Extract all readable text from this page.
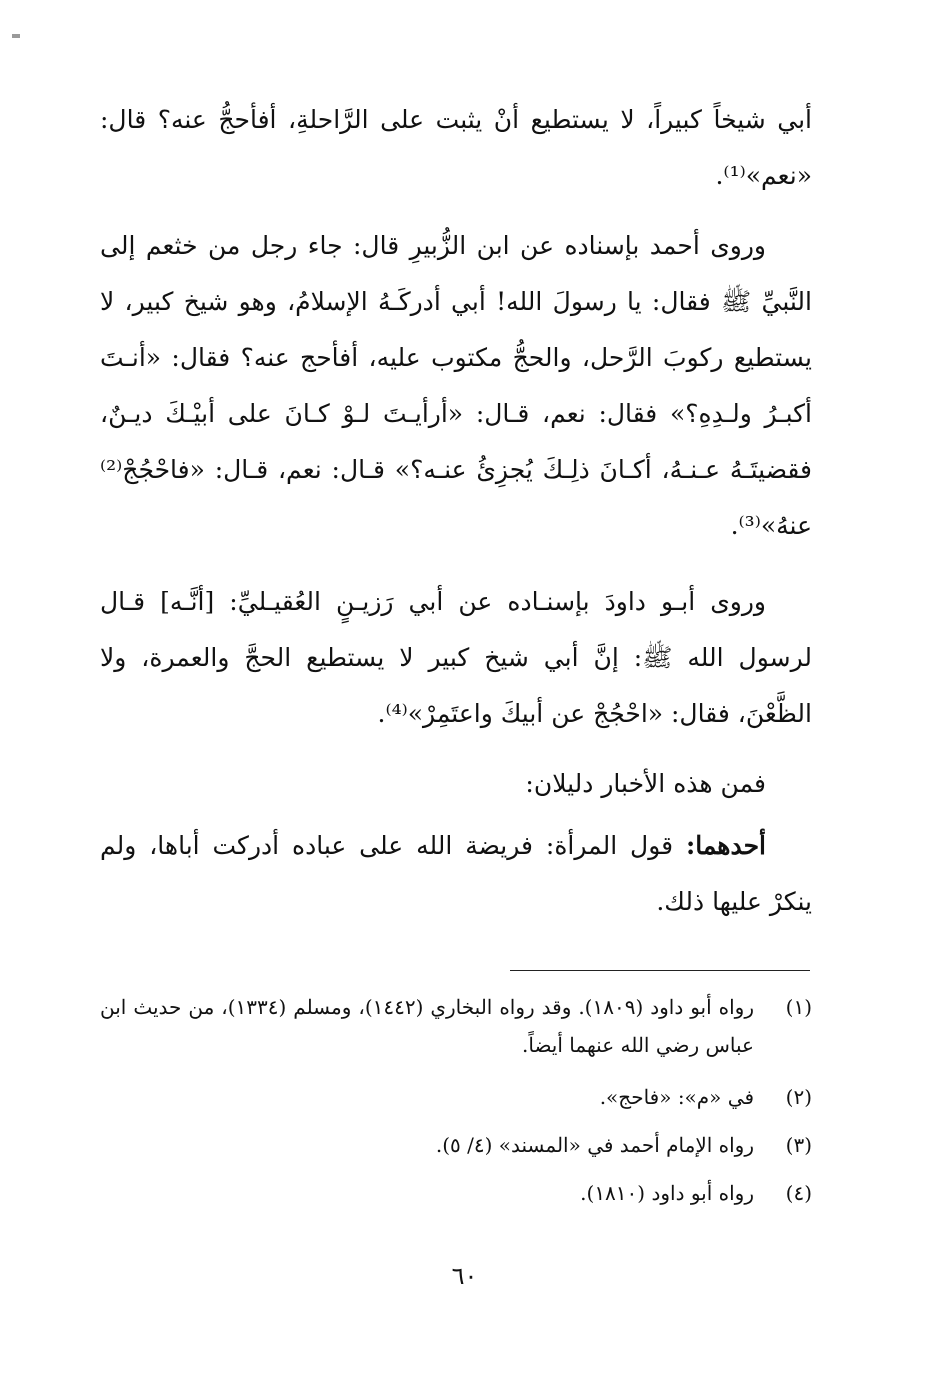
أبي شيخاً كبيراً، لا يستطيع أنْ يثبت على الرَّاحلةِ، أفأحجُّ عنه؟ قال: «نعم»⁽¹⁾.

وروى أحمد بإسناده عن ابن الزُّبيرِ قال: جاء رجل من خثعم إلى النَّبيِّ ﷺ فقال: يا رسولَ الله! أبي أدركَـهُ الإسلامُ، وهو شيخ كبير، لا يستطيع ركوبَ الرَّحل، والحجُّ مكتوب عليه، أفأحج عنه؟ فقال: «أنـتَ أكبـرُ ولـدِهِ؟» فقال: نعم، قـال: «أرأيـتَ لـوْ كـانَ على أبيْـكَ ديـنٌ، فقضيتَـهُ عـنـهُ، أكـانَ ذلِـكَ يُجزِئُ عنـه؟» قـال: نعم، قـال: «فاحْجُجْ⁽²⁾ عنهُ»⁽³⁾.

وروى أبـو داودَ بإسنـاده عن أبي رَزيـنٍ العُقيـليِّ: [أنَّـه] قـال لرسول الله ﷺ: إنَّ أبي شيخ كبير لا يستطيع الحجَّ والعمرة، ولا الظَّعْنَ، فقال: «احْجُجْ عن أبيكَ واعتَمِرْ»⁽⁴⁾.

فمن هذه الأخبار دليلان:

أحدهما: قول المرأة: فريضة الله على عباده أدركت أباها، ولم ينكرْ عليها ذلك.

(١)
رواه أبو داود (١٨٠٩). وقد رواه البخاري (١٤٤٢)، ومسلم (١٣٣٤)، من حديث ابن عباس رضي الله عنهما أيضاً.
(٢)
في «م»: «فاحج».
(٣)
رواه الإمام أحمد في «المسند» (٤/ ٥).
(٤)
رواه أبو داود (١٨١٠).
٦٠
